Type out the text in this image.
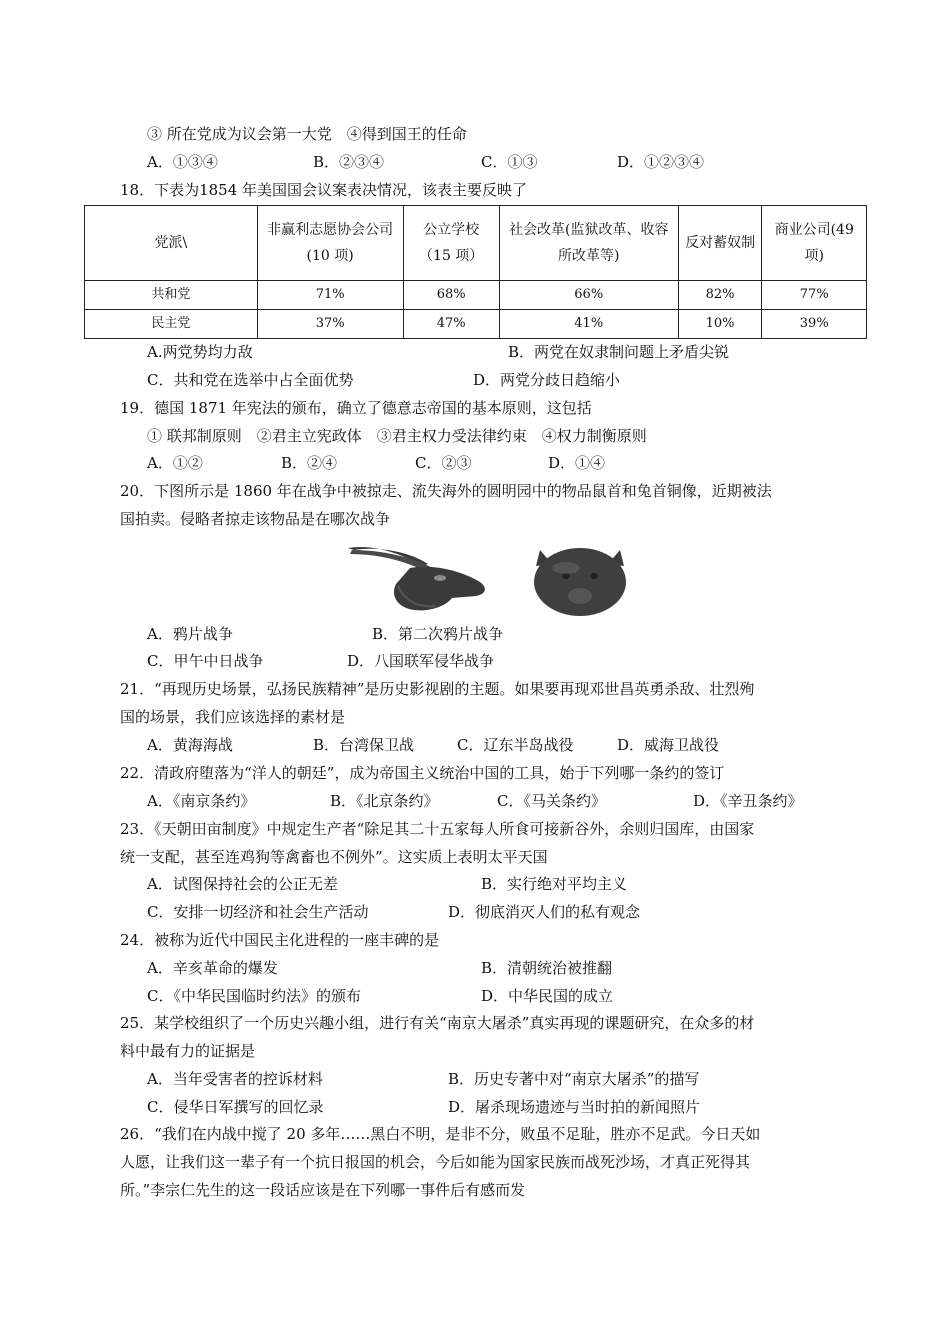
③ 所在党成为议会第一大党　④得到国王的任命
A．①③④	B．②③④	C．①③	D．①②③④
18．下表为1854 年美国国会议案表决情况，该表主要反映了
党派\	非赢利志愿协会公司(10 项)	公立学校（15 项）	社会改革(监狱改革、收容所改革等)	反对蓄奴制	商业公司(49 项)
共和党	71%	68%	66%	82%	77%
民主党	37%	47%	41%	10%	39%
A.两党势均力敌	B．两党在奴隶制问题上矛盾尖锐
C．共和党在选举中占全面优势	D．两党分歧日趋缩小
19．德国 1871 年宪法的颁布，确立了德意志帝国的基本原则，这包括
① 联邦制原则　②君主立宪政体　③君主权力受法律约束　④权力制衡原则
A．①②	B．②④	C．②③	D．①④
20．下图所示是 1860 年在战争中被掠走、流失海外的圆明园中的物品鼠首和兔首铜像，近期被法
国拍卖。侵略者掠走该物品是在哪次战争
A．鸦片战争	B．第二次鸦片战争
C．甲午中日战争	D．八国联军侵华战争
21．“再现历史场景，弘扬民族精神”是历史影视剧的主题。如果要再现邓世昌英勇杀敌、壮烈殉
国的场景，我们应该选择的素材是
A．黄海海战	B．台湾保卫战	C．辽东半岛战役	D．威海卫战役
22．清政府堕落为“洋人的朝廷”，成为帝国主义统治中国的工具，始于下列哪一条约的签订
A．《南京条约》	B．《北京条约》	C．《马关条约》	D．《辛丑条约》
23．《天朝田亩制度》中规定生产者“除足其二十五家每人所食可接新谷外，余则归国库，由国家
统一支配，甚至连鸡狗等禽畜也不例外”。这实质上表明太平天国
A．试图保持社会的公正无差	B．实行绝对平均主义
C．安排一切经济和社会生产活动	D．彻底消灭人们的私有观念
24．被称为近代中国民主化进程的一座丰碑的是
A．辛亥革命的爆发	B．清朝统治被推翻
C．《中华民国临时约法》的颁布	D．中华民国的成立
25．某学校组织了一个历史兴趣小组，进行有关“南京大屠杀”真实再现的课题研究，在众多的材
料中最有力的证据是
A．当年受害者的控诉材料	B．历史专著中对“南京大屠杀”的描写
C．侵华日军撰写的回忆录	D．屠杀现场遗迹与当时拍的新闻照片
26．“我们在内战中搅了 20 多年……黑白不明，是非不分，败虽不足耻，胜亦不足武。今日天如
人愿，让我们这一辈子有一个抗日报国的机会，今后如能为国家民族而战死沙场，才真正死得其
所。”李宗仁先生的这一段话应该是在下列哪一事件后有感而发
